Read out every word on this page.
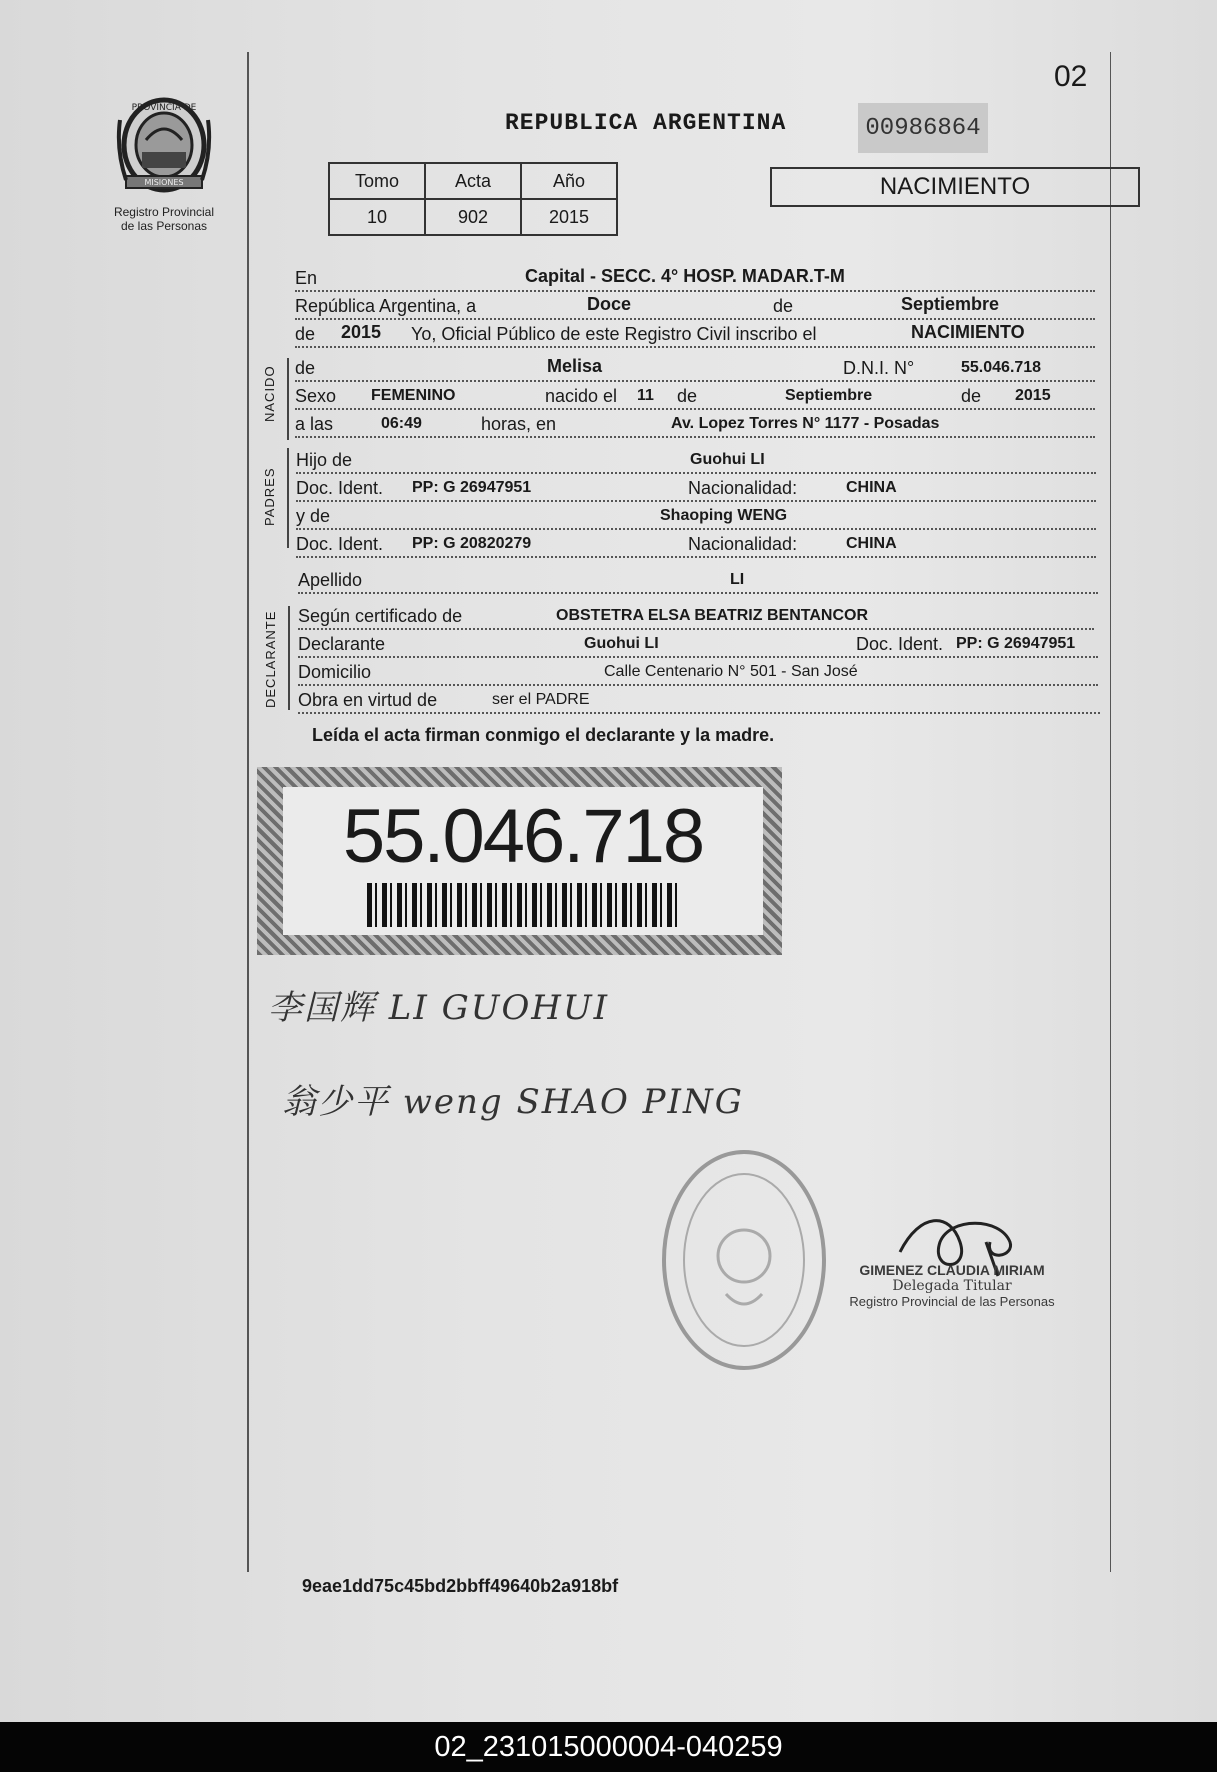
PROVINCIA DE
MISIONES
Registro Provincial
de las Personas
02
REPUBLICA ARGENTINA	00986864
Tomo	Acta	Año
10	902	2015
NACIMIENTO
En	Capital - SECC. 4° HOSP. MADAR.T-M
República Argentina, a	Doce	de	Septiembre
de 2015 Yo, Oficial Público de este Registro Civil inscribo el	NACIMIENTO
NACIDO de	Melisa	D.N.I. N°	55.046.718
Sexo FEMENINO	nacido el 11 de	Septiembre	de 2015
a las	06:49	horas, en	Av. Lopez Torres N° 1177 - Posadas
PADRES
Hijo de	Guohui LI
Doc. Ident. PP: G 26947951	Nacionalidad:	CHINA
y de	Shaoping WENG
Doc. Ident. PP: G 20820279	Nacionalidad:	CHINA
Apellido	LI
DECLARANTE Según certificado de	OBSTETRA ELSA BEATRIZ BENTANCOR
Declarante	Guohui LI	Doc. Ident. PP: G 26947951
Domicilio	Calle Centenario N° 501 - San José
Obra en virtud de	ser el PADRE
Leída el acta firman conmigo el declarante y la madre.
55.046.718
李国辉 LI GUOHUI
翁少平 weng SHAO PING
GIMENEZ CLAUDIA MIRIAM
Delegada Titular
Registro Provincial de las Personas
9eae1dd75c45bd2bbff49640b2a918bf
02_231015000004-040259
